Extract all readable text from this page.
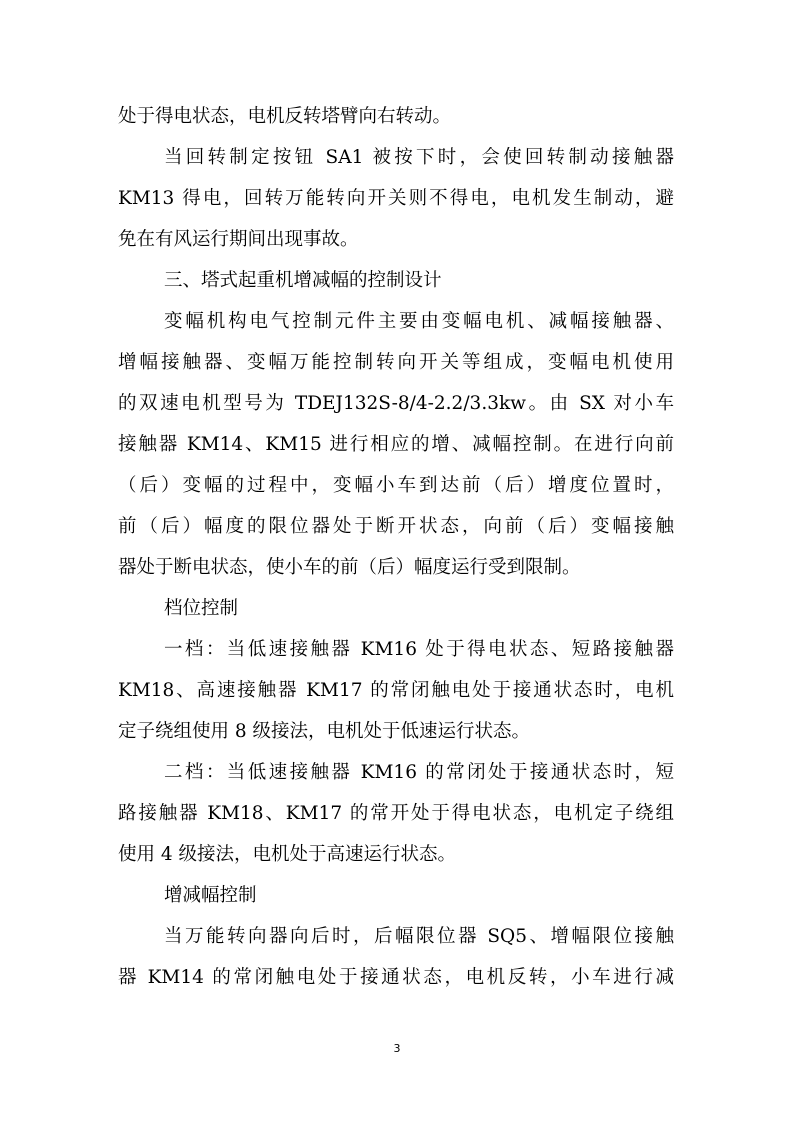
处于得电状态，电机反转塔臂向右转动。
当回转制定按钮 SA1 被按下时，会使回转制动接触器
KM13 得电，回转万能转向开关则不得电，电机发生制动，避
免在有风运行期间出现事故。
三、塔式起重机增减幅的控制设计
变幅机构电气控制元件主要由变幅电机、减幅接触器、
增幅接触器、变幅万能控制转向开关等组成，变幅电机使用
的双速电机型号为 TDEJ132S-8/4-2.2/3.3kw。由 SX 对小车
接触器 KM14、KM15 进行相应的增、减幅控制。在进行向前
（后）变幅的过程中，变幅小车到达前（后）增度位置时，
前（后）幅度的限位器处于断开状态，向前（后）变幅接触
器处于断电状态，使小车的前（后）幅度运行受到限制。
档位控制
一档：当低速接触器 KM16 处于得电状态、短路接触器
KM18、高速接触器 KM17 的常闭触电处于接通状态时，电机
定子绕组使用 8 级接法，电机处于低速运行状态。
二档：当低速接触器 KM16 的常闭处于接通状态时，短
路接触器 KM18、KM17 的常开处于得电状态，电机定子绕组
使用 4 级接法，电机处于高速运行状态。
增减幅控制
当万能转向器向后时，后幅限位器 SQ5、增幅限位接触
器 KM14 的常闭触电处于接通状态，电机反转，小车进行减
3
